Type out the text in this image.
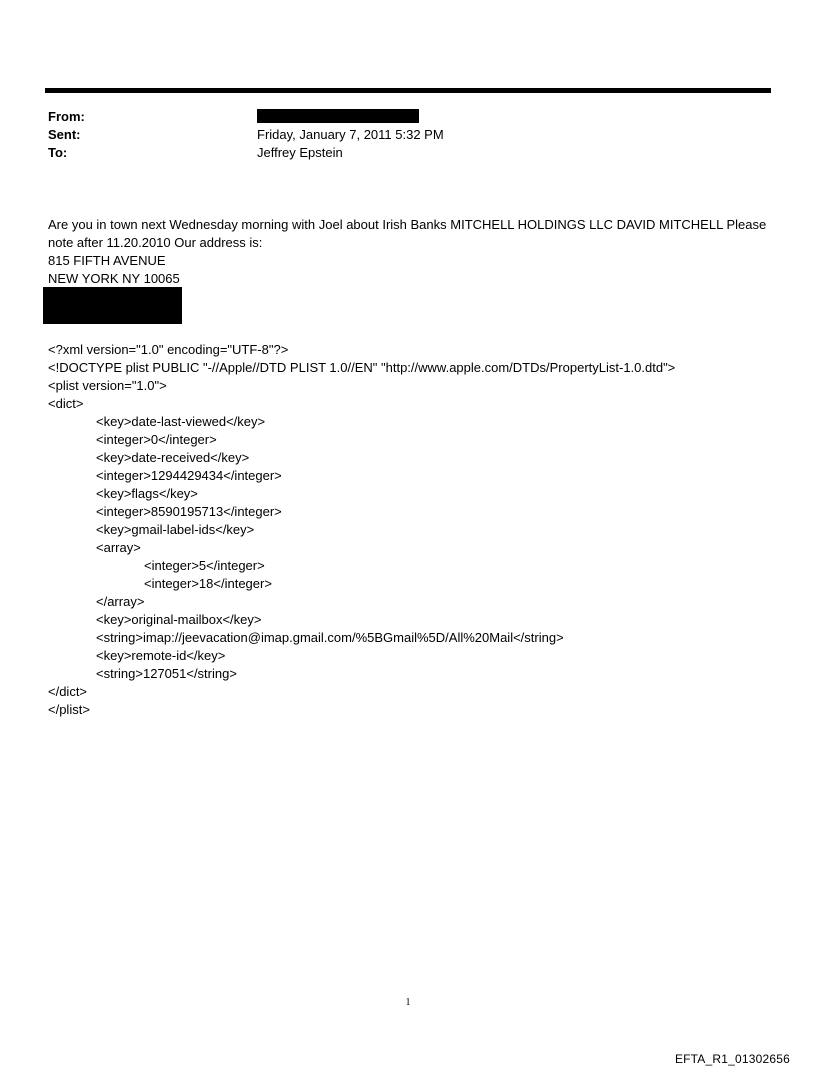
From:
Sent:	Friday, January 7, 2011 5:32 PM
To:	Jeffrey Epstein
Are you in town next Wednesday morning with Joel about Irish Banks MITCHELL HOLDINGS LLC DAVID MITCHELL Please note after 11.20.2010 Our address is:
815 FIFTH AVENUE
NEW YORK NY 10065
<?xml version="1.0" encoding="UTF-8"?>
<!DOCTYPE plist PUBLIC "-//Apple//DTD PLIST 1.0//EN" "http://www.apple.com/DTDs/PropertyList-1.0.dtd">
<plist version="1.0">
<dict>
<key>date-last-viewed</key>
<integer>0</integer>
<key>date-received</key>
<integer>1294429434</integer>
<key>flags</key>
<integer>8590195713</integer>
<key>gmail-label-ids</key>
<array>
<integer>5</integer>
<integer>18</integer>
</array>
<key>original-mailbox</key>
<string>imap://jeevacation@imap.gmail.com/%5BGmail%5D/All%20Mail</string>
<key>remote-id</key>
<string>127051</string>
</dict>
</plist>
1
EFTA_R1_01302656
